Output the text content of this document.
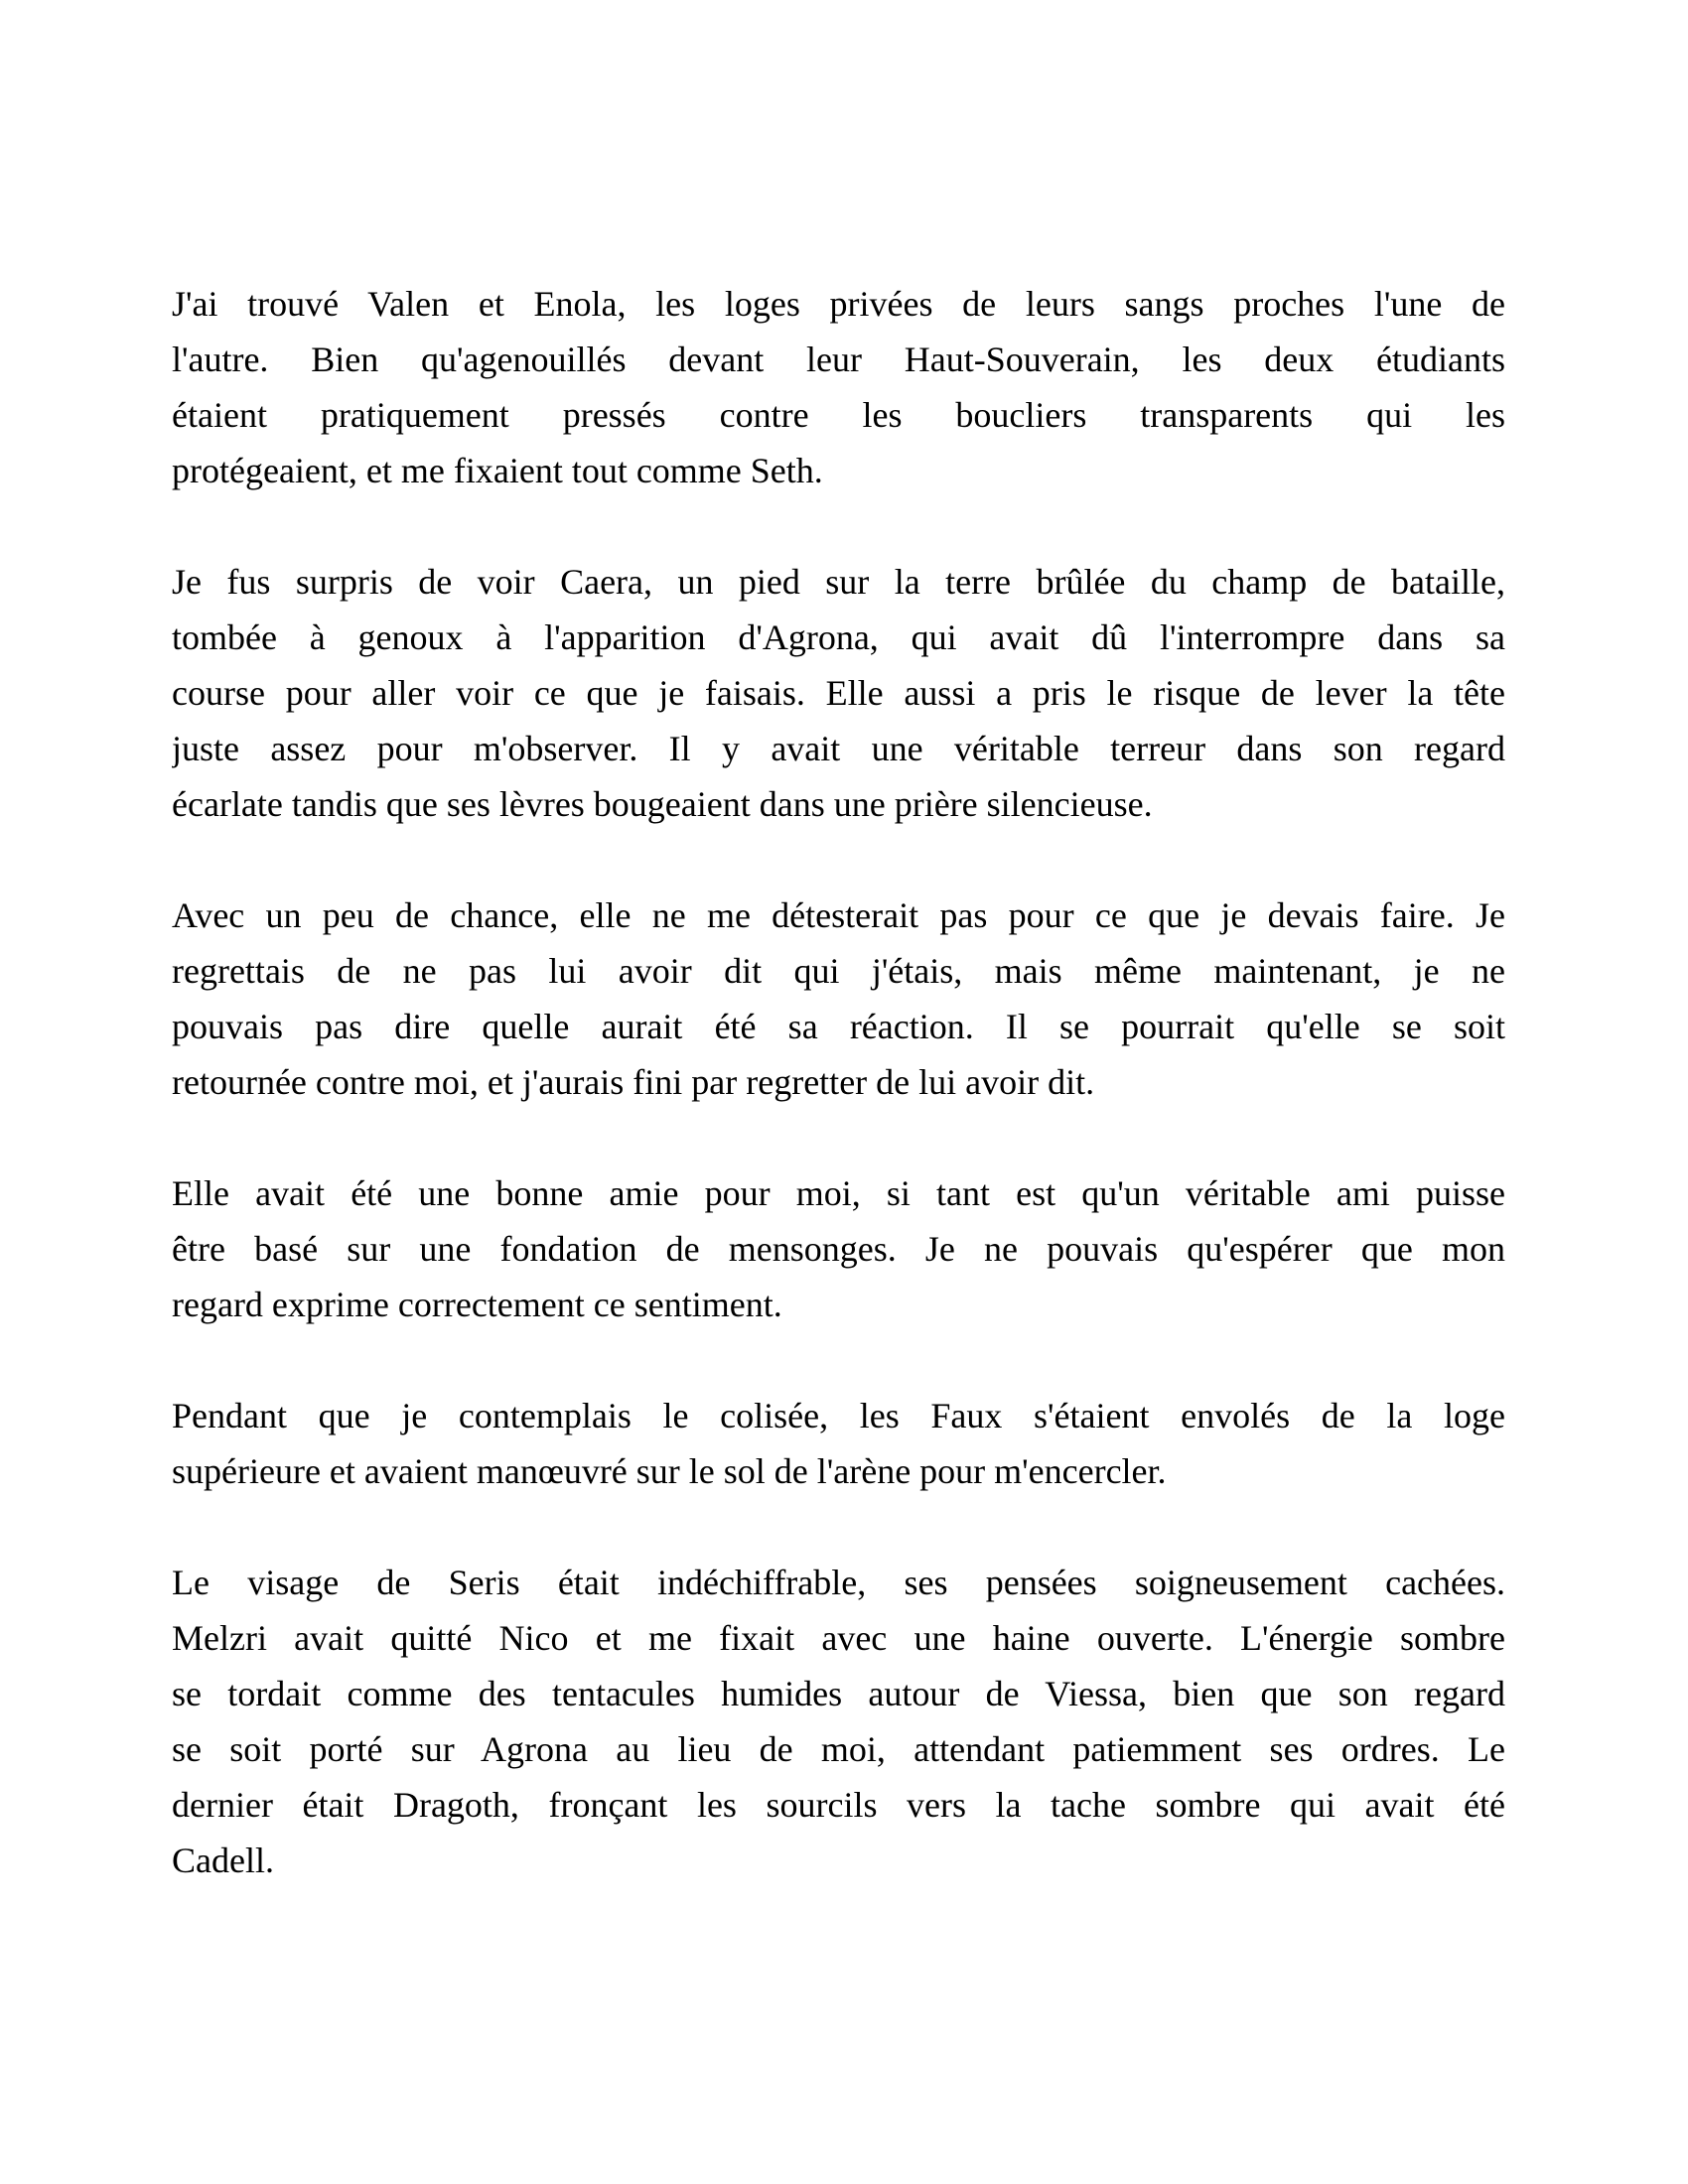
J'ai trouvé Valen et Enola, les loges privées de leurs sangs proches l'une de
l'autre. Bien qu'agenouillés devant leur Haut-Souverain, les deux étudiants
étaient pratiquement pressés contre les boucliers transparents qui les
protégeaient, et me fixaient tout comme Seth.
Je fus surpris de voir Caera, un pied sur la terre brûlée du champ de bataille,
tombée à genoux à l'apparition d'Agrona, qui avait dû l'interrompre dans sa
course pour aller voir ce que je faisais. Elle aussi a pris le risque de lever la tête
juste assez pour m'observer. Il y avait une véritable terreur dans son regard
écarlate tandis que ses lèvres bougeaient dans une prière silencieuse.
Avec un peu de chance, elle ne me détesterait pas pour ce que je devais faire. Je
regrettais de ne pas lui avoir dit qui j'étais, mais même maintenant, je ne
pouvais pas dire quelle aurait été sa réaction. Il se pourrait qu'elle se soit
retournée contre moi, et j'aurais fini par regretter de lui avoir dit.
Elle avait été une bonne amie pour moi, si tant est qu'un véritable ami puisse
être basé sur une fondation de mensonges. Je ne pouvais qu'espérer que mon
regard exprime correctement ce sentiment.
Pendant que je contemplais le colisée, les Faux s'étaient envolés de la loge
supérieure et avaient manœuvré sur le sol de l'arène pour m'encercler.
Le visage de Seris était indéchiffrable, ses pensées soigneusement cachées.
Melzri avait quitté Nico et me fixait avec une haine ouverte. L'énergie sombre
se tordait comme des tentacules humides autour de Viessa, bien que son regard
se soit porté sur Agrona au lieu de moi, attendant patiemment ses ordres. Le
dernier était Dragoth, fronçant les sourcils vers la tache sombre qui avait été
Cadell.
